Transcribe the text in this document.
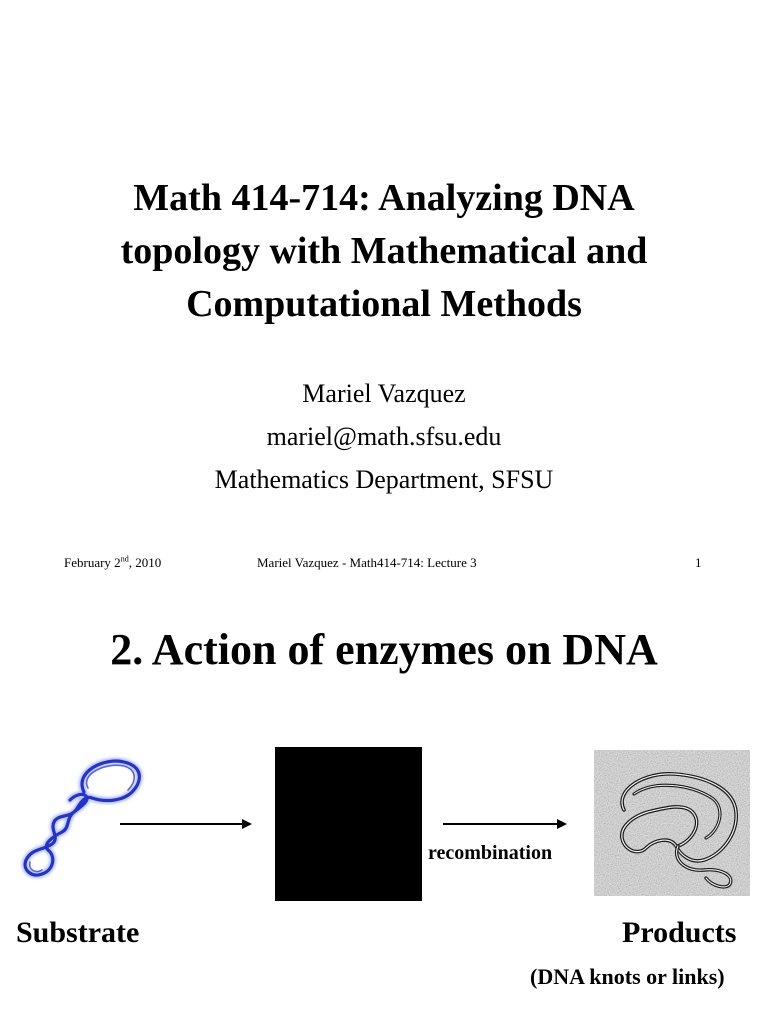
Math 414-714: Analyzing DNA
topology with Mathematical and
Computational Methods
Mariel Vazquez
mariel@math.sfsu.edu
Mathematics Department, SFSU
February 2nd, 2010	Mariel Vazquez - Math414-714: Lecture 3	1
2. Action of enzymes on DNA
recombination
Substrate	Products
(DNA knots or links)
